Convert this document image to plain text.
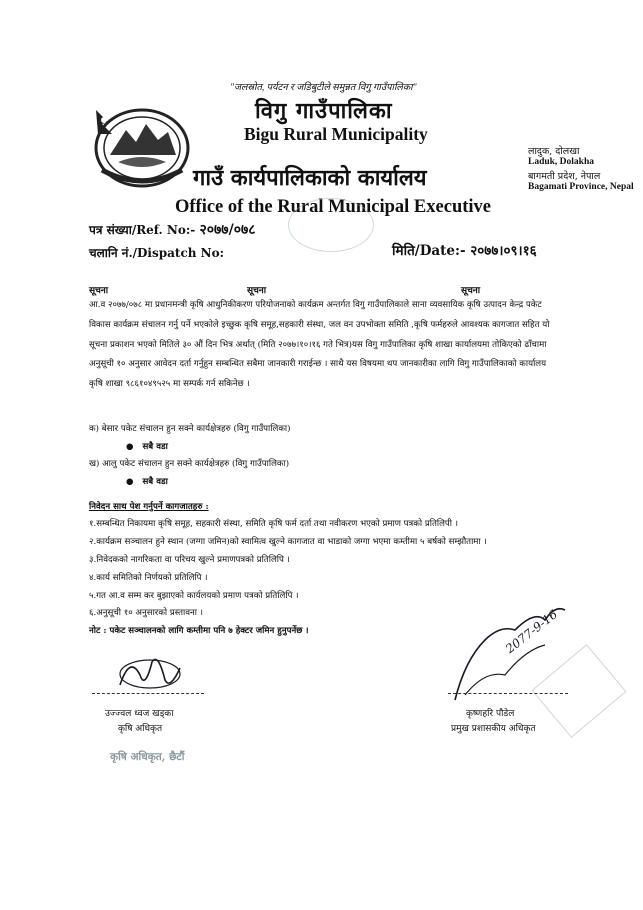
"जलस्रोत, पर्यटन र जडिबुटीले समुन्नत विगु गाउँपालिका"
विगु गाउँपालिका
Bigu Rural Municipality
गाउँ कार्यपालिकाको कार्यालय
Office of the Rural Municipal Executive
लादुक, दोलखा
Laduk, Dolakha
बागमती प्रदेश, नेपाल
Bagamati Province, Nepal
पत्र संख्या/Ref. No:- २०७७/०७८
चलानि नं./Dispatch No:	मिति/Date:- २०७७।०९।१६
सूचना	सूचना	सूचना
आ.व २०७७/०७८ मा प्रधानमन्त्री कृषि आधुनिकीकरण परियोजनाको कार्यक्रम अन्तर्गत विगु गाउँपालिकाले साना व्यवसायिक कृषि उत्पादन केन्द्र पकेट विकास कार्यक्रम संचालन गर्नु पर्ने भएकोले इच्छुक कृषि समूह,सहकारी संस्था, जल वन उपभोक्ता समिति ,कृषि फर्महरुले आवश्यक कागजात सहित यो सूचना प्रकाशन भएको मितिले ३० औं दिन भित्र अर्थात् (मिति २०७७।१०।१६ गते भित्र)यस विगु गाउँपालिका कृषि शाखा कार्यालयमा तोकिएको ढाँचामा अनुसूची १० अनुसार आवेदन दर्ता गर्नुहुन सम्बन्धित सबैमा जानकारी गराईन्छ । साथै यस विषयमा थप जानकारीका लागि विगु गाउँपालिकाको कार्यालय कृषि शाखा ९८६१०४९५२५ मा सम्पर्क गर्न सकिनेछ ।
क) बेसार पकेट संचालन हुन सक्ने कार्यक्षेत्रहरु (विगु गाउँपालिका)
●   सबै वडा
ख) आलु पकेट संचालन हुन सक्ने कार्यक्षेत्रहरु (विगु गाउँपालिका)
●   सबै वडा
निवेदन साथ पेश गर्नुपर्ने कागजातहरु :
१.सम्बन्धित निकायमा कृषि समूह, सहकारी संस्था, समिति कृषि फर्म दर्ता तथा नवीकरण भएको प्रमाण पत्रको प्रतिलिपी ।
२.कार्यक्रम सञ्चालन हुने स्थान (जग्गा जमिन)को स्वामित्व खुल्ने कागजात वा भाडाको जग्गा भएमा कम्तीमा ५ बर्षको सम्झौतामा ।
३.निवेदकको नागरिकता वा परिचय खुल्ने प्रमाणपत्रको प्रतिलिपि ।
४.कार्य समितिको निर्णयको प्रतिलिपि ।
५.गत आ.व सम्म कर बुझाएको कार्यलयको प्रमाण पत्रको प्रतिलिपि ।
६.अनुसूची १० अनुसारको प्रस्तावना ।
नोट : पकेट सञ्चालनको लागि कम्तीमा पनि ७ हेक्टर जमिन हुनुपर्नेछ ।
उज्ज्वल ध्वज खड्का
कृषि अधिकृत
कृषि अधिकृत, छैटौं
2077-9-16
कृष्णहरि पौडेल
प्रमुख प्रशासकीय अधिकृत
